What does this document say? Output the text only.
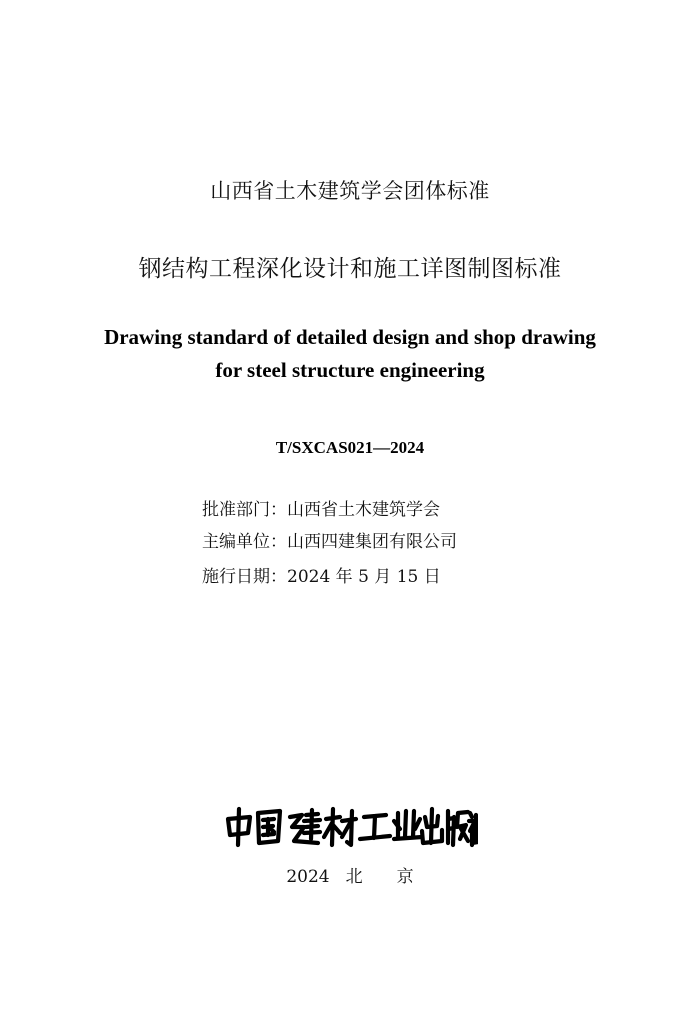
山西省土木建筑学会团体标准
钢结构工程深化设计和施工详图制图标准
Drawing standard of detailed design and shop drawing
for steel structure engineering
T/SXCAS021—2024
批准部门：山西省土木建筑学会
主编单位：山西四建集团有限公司
施行日期：2024 年 5 月 15 日
2024 北 京
